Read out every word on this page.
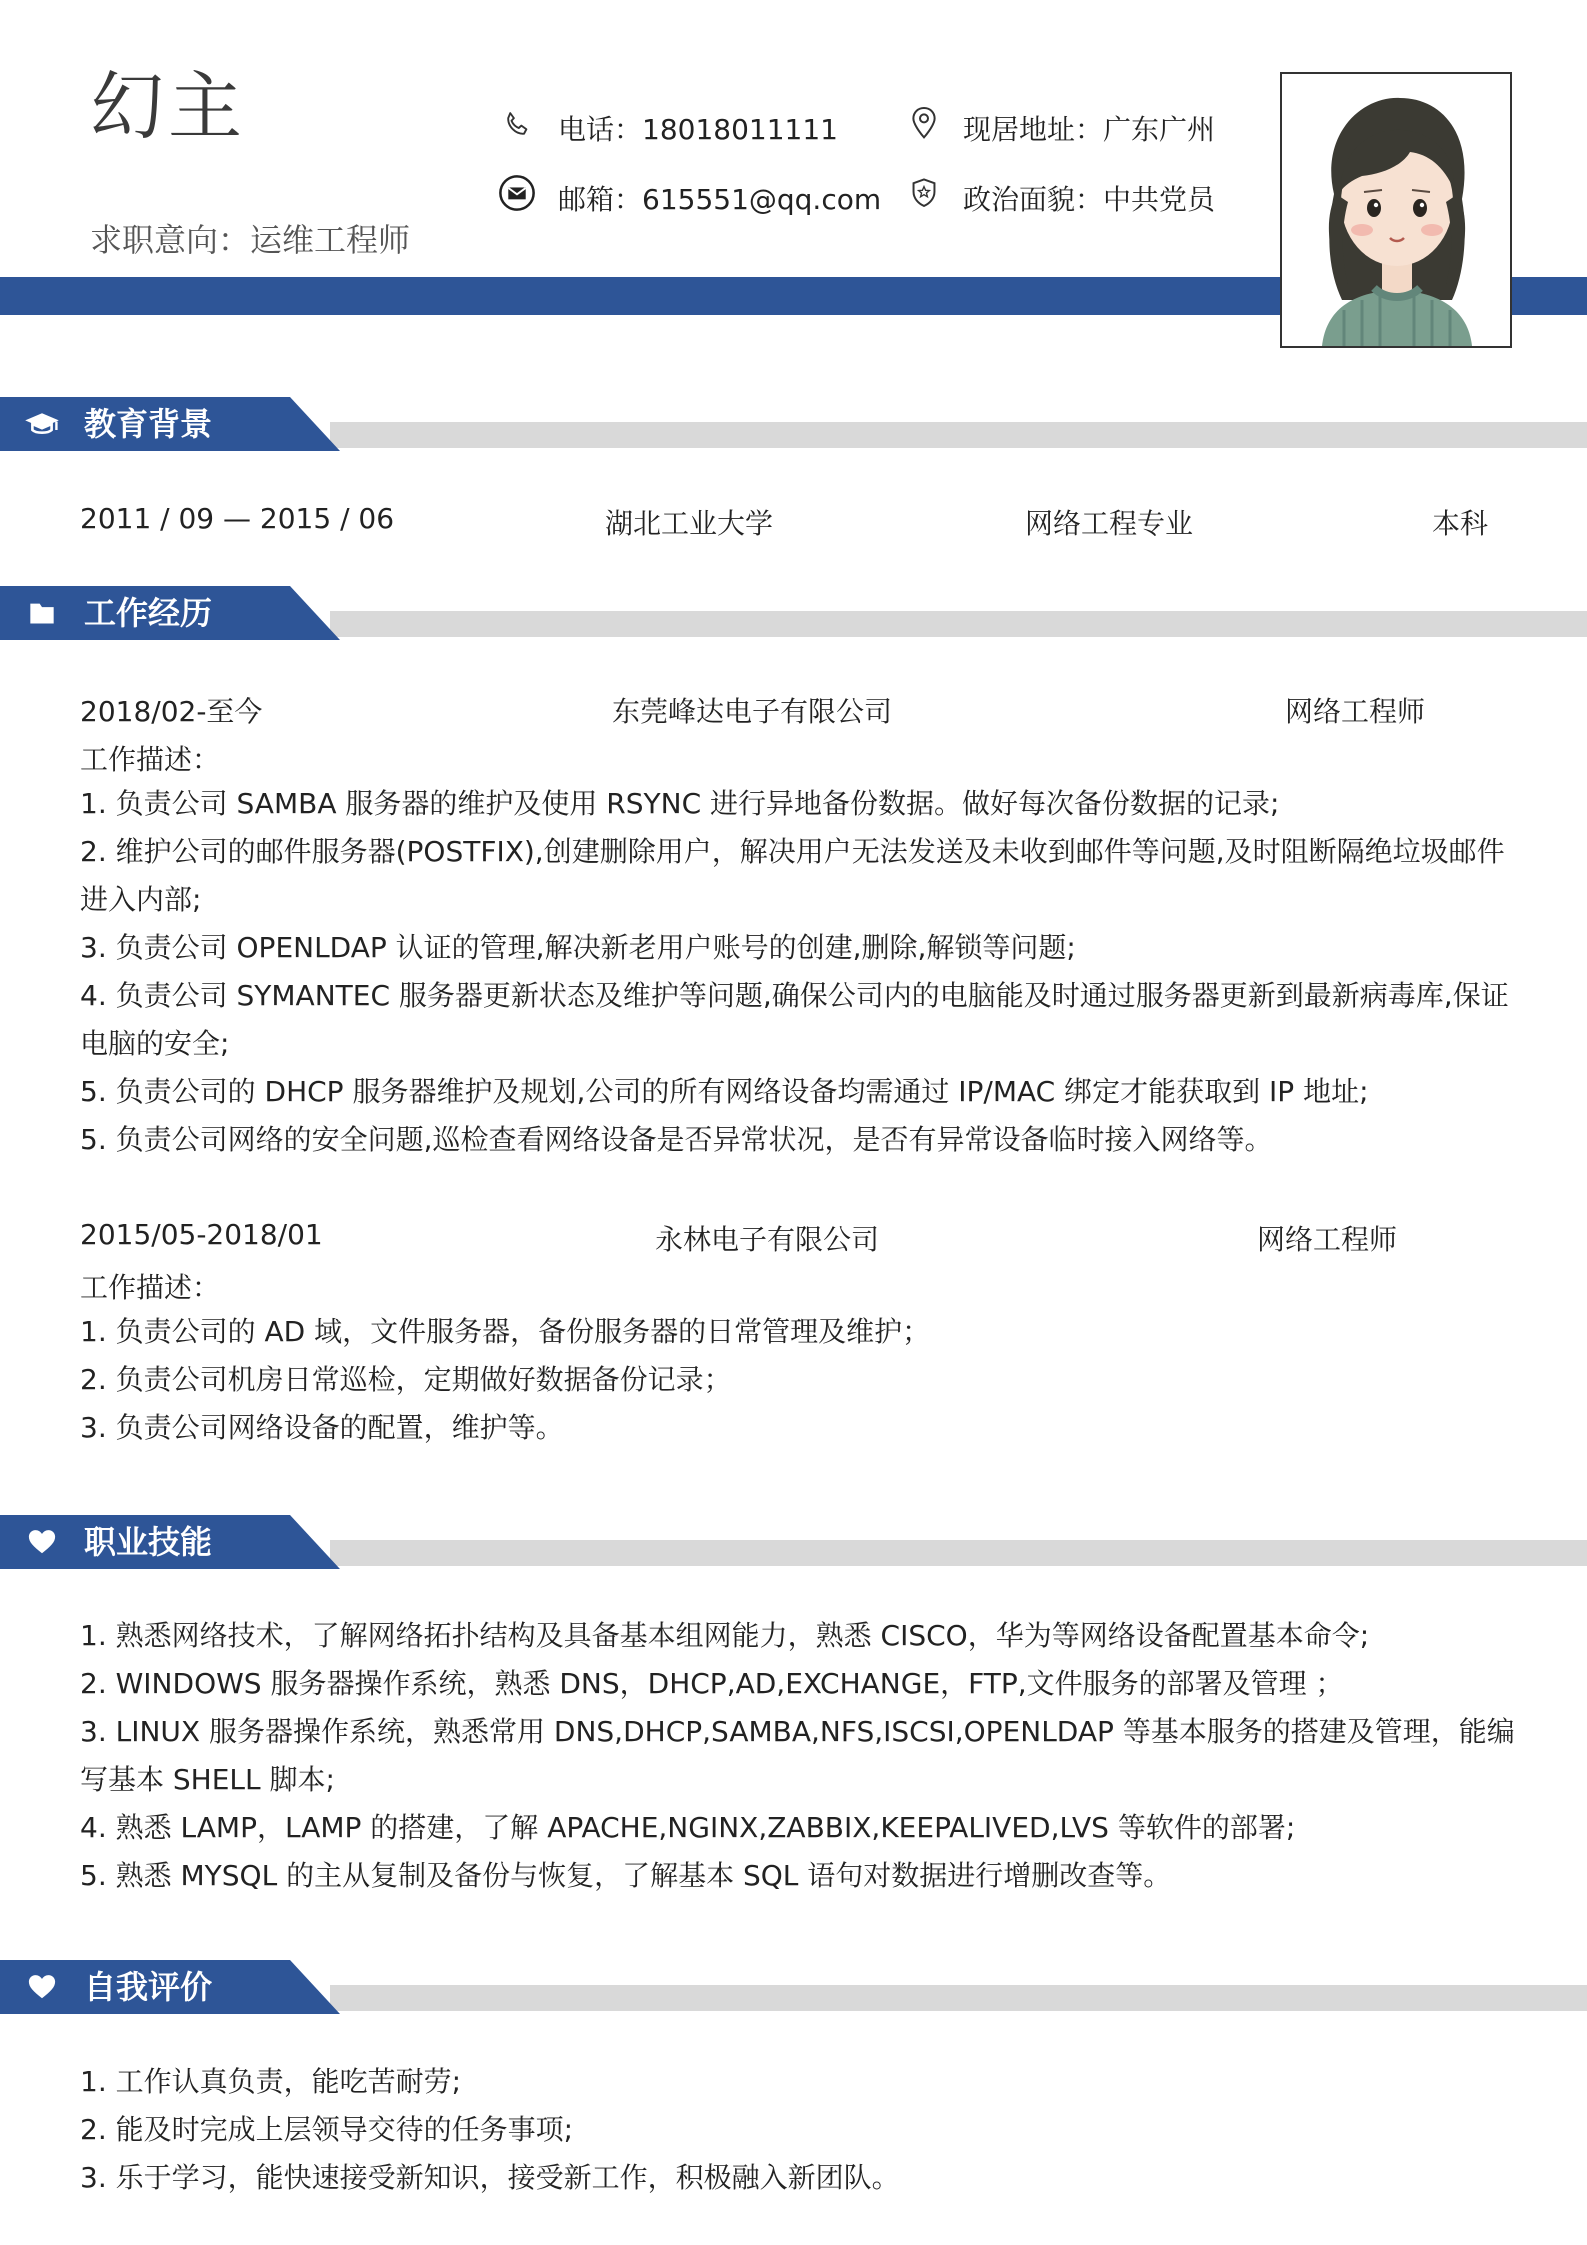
幻主
求职意向：运维工程师
电话：18018011111	现居地址：广东广州
邮箱：615551@qq.com	政治面貌：中共党员
教育背景
2011 / 09 — 2015 / 06	湖北工业大学	网络工程专业	本科
工作经历
2018/02-至今	东莞峰达电子有限公司	网络工程师
工作描述：
1. 负责公司 SAMBA 服务器的维护及使用 RSYNC 进行异地备份数据。做好每次备份数据的记录;
2. 维护公司的邮件服务器(POSTFIX),创建删除用户，解决用户无法发送及未收到邮件等问题,及时阻断隔绝垃圾邮件进入内部;
3. 负责公司 OPENLDAP 认证的管理,解决新老用户账号的创建,删除,解锁等问题;
4. 负责公司 SYMANTEC 服务器更新状态及维护等问题,确保公司内的电脑能及时通过服务器更新到最新病毒库,保证电脑的安全;
5. 负责公司的 DHCP 服务器维护及规划,公司的所有网络设备均需通过 IP/MAC 绑定才能获取到 IP 地址;
5. 负责公司网络的安全问题,巡检查看网络设备是否异常状况，是否有异常设备临时接入网络等。
2015/05-2018/01	永林电子有限公司	网络工程师
工作描述：
1. 负责公司的 AD 域，文件服务器，备份服务器的日常管理及维护；
2. 负责公司机房日常巡检，定期做好数据备份记录；
3. 负责公司网络设备的配置，维护等。
职业技能
1. 熟悉网络技术，了解网络拓扑结构及具备基本组网能力，熟悉 CISCO，华为等网络设备配置基本命令;
2. WINDOWS 服务器操作系统，熟悉 DNS，DHCP,AD,EXCHANGE，FTP,文件服务的部署及管理 ；
3. LINUX 服务器操作系统，熟悉常用 DNS,DHCP,SAMBA,NFS,ISCSI,OPENLDAP 等基本服务的搭建及管理，能编写基本 SHELL 脚本;
4. 熟悉 LAMP，LAMP 的搭建，了解 APACHE,NGINX,ZABBIX,KEEPALIVED,LVS 等软件的部署;
5. 熟悉 MYSQL 的主从复制及备份与恢复，了解基本 SQL 语句对数据进行增删改查等。
自我评价
1. 工作认真负责，能吃苦耐劳;
2. 能及时完成上层领导交待的任务事项;
3. 乐于学习，能快速接受新知识，接受新工作，积极融入新团队。
